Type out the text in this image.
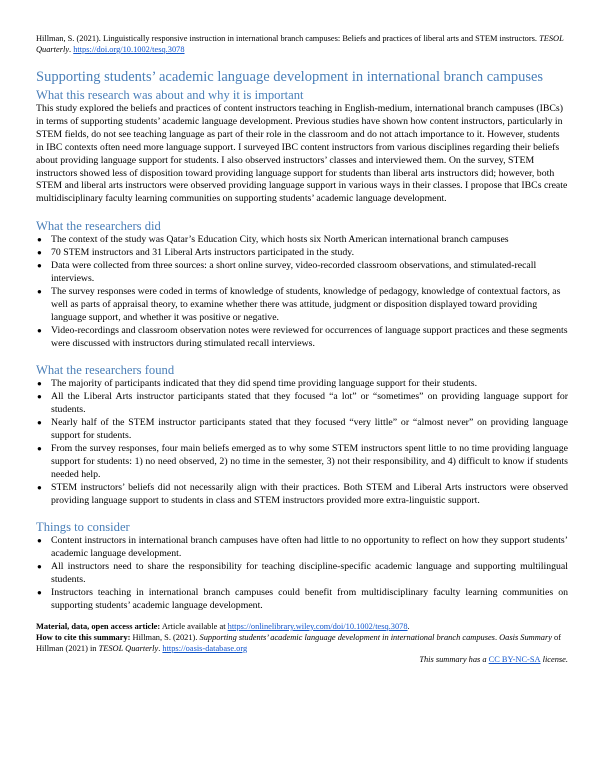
Hillman, S. (2021). Linguistically responsive instruction in international branch campuses: Beliefs and practices of liberal arts and STEM instructors. TESOL Quarterly. https://doi.org/10.1002/tesq.3078

Supporting students’ academic language development in international branch campuses
What this research was about and why it is important

This study explored the beliefs and practices of content instructors teaching in English-medium, international branch campuses (IBCs) in terms of supporting students’ academic language development. Previous studies have shown how content instructors, particularly in STEM fields, do not see teaching language as part of their role in the classroom and do not attach importance to it. However, students in IBC contexts often need more language support. I surveyed IBC content instructors from various disciplines regarding their beliefs about providing language support for students. I also observed instructors’ classes and interviewed them. On the survey, STEM instructors showed less of disposition toward providing language support for students than liberal arts instructors did; however, both STEM and liberal arts instructors were observed providing language support in various ways in their classes. I propose that IBCs create multidisciplinary faculty learning communities on supporting students’ academic language development.

What the researchers did
● The context of the study was Qatar’s Education City, which hosts six North American international branch campuses
● 70 STEM instructors and 31 Liberal Arts instructors participated in the study.
● Data were collected from three sources: a short online survey, video-recorded classroom observations, and stimulated-recall interviews.
● The survey responses were coded in terms of knowledge of students, knowledge of pedagogy, knowledge of contextual factors, as well as parts of appraisal theory, to examine whether there was attitude, judgment or disposition displayed toward providing language support, and whether it was positive or negative.
● Video-recordings and classroom observation notes were reviewed for occurrences of language support practices and these segments were discussed with instructors during stimulated recall interviews.
What the researchers found
● The majority of participants indicated that they did spend time providing language support for their students.
● All the Liberal Arts instructor participants stated that they focused “a lot” or “sometimes” on providing language support for students.
● Nearly half of the STEM instructor participants stated that they focused “very little” or “almost never” on providing language support for students.
● From the survey responses, four main beliefs emerged as to why some STEM instructors spent little to no time providing language support for students: 1) no need observed, 2) no time in the semester, 3) not their responsibility, and 4) difficult to know if students needed help.
● STEM instructors’ beliefs did not necessarily align with their practices. Both STEM and Liberal Arts instructors were observed providing language support to students in class and STEM instructors provided more extra-linguistic support.
Things to consider
● Content instructors in international branch campuses have often had little to no opportunity to reflect on how they support students’ academic language development.
● All instructors need to share the responsibility for teaching discipline-specific academic language and supporting multilingual students.
● Instructors teaching in international branch campuses could benefit from multidisciplinary faculty learning communities on supporting students’ academic language development.
Material, data, open access article: Article available at https://onlinelibrary.wiley.com/doi/10.1002/tesq.3078.
How to cite this summary: Hillman, S. (2021). Supporting students’ academic language development in international branch campuses. Oasis Summary of Hillman (2021) in TESOL Quarterly. https://oasis-database.org
This summary has a CC BY-NC-SA license.
